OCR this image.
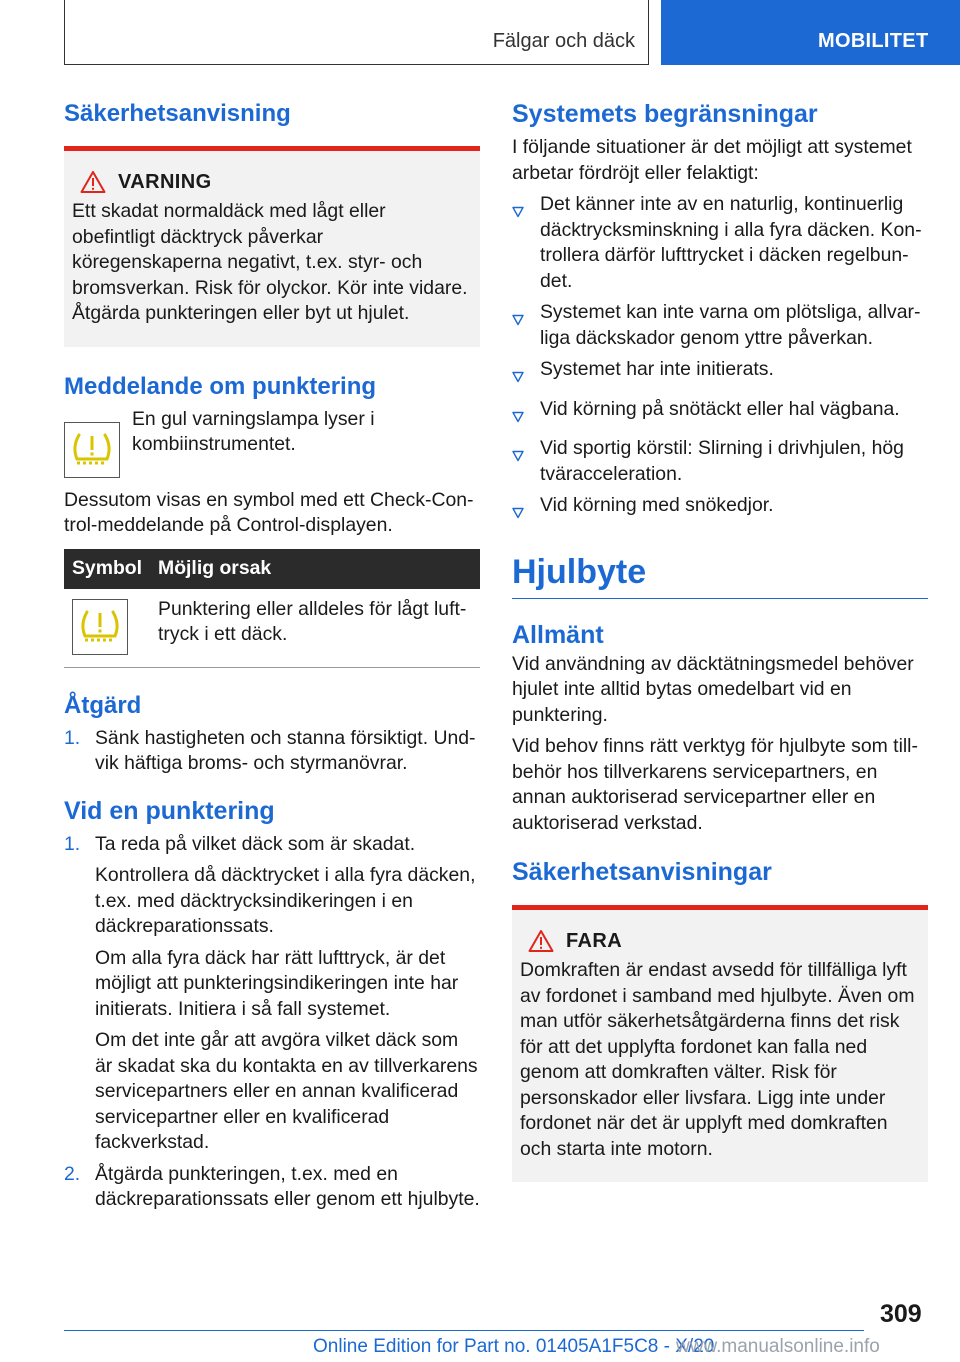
Fälgar och däck	MOBILITET
Säkerhetsanvisning
VARNING

Ett skadat normaldäck med lågt eller obefintligt däcktryck påverkar köregenskaperna negativt, t.ex. styr- och bromsverkan. Risk för olyckor. Kör inte vidare. Åtgärda punkteringen eller byt ut hjulet.

Meddelande om punktering

En gul varningslampa lyser i kombiinstrumentet.

Dessutom visas en symbol med ett Check-Control-meddelande på Control-displayen.

Symbol	Möjlig orsak

	Punktering eller alldeles för lågt lufttryck i ett däck.
Åtgärd
1. Sänk hastigheten och stanna försiktigt. Undvik häftiga broms- och styrmanövrar.

Vid en punktering
1. Ta reda på vilket däck som är skadat.

Kontrollera då däcktrycket i alla fyra däcken, t.ex. med däcktrycksindikeringen i en däckreparationssats.

Om alla fyra däck har rätt lufttryck, är det möjligt att punkteringsindikeringen inte har initierats. Initiera i så fall systemet.

Om det inte går att avgöra vilket däck som är skadat ska du kontakta en av tillverkarens servicepartners eller en annan kvalificerad servicepartner eller en kvalificerad fackverkstad.

2. Åtgärda punkteringen, t.ex. med en däckreparationssats eller genom ett hjulbyte.

Systemets begränsningar

I följande situationer är det möjligt att systemet arbetar fördröjt eller felaktigt:

Det känner inte av en naturlig, kontinuerlig däcktrycksminskning i alla fyra däcken. Kontrollera därför lufttrycket i däcken regelbundet.

Systemet kan inte varna om plötsliga, allvarliga däckskador genom yttre påverkan.

Systemet har inte initierats.

Vid körning på snötäckt eller hal vägbana.

Vid sportig körstil: Slirning i drivhjulen, hög tväracceleration.

Vid körning med snökedjor.

Hjulbyte
Allmänt

Vid användning av däcktätningsmedel behöver hjulet inte alltid bytas omedelbart vid en punktering.

Vid behov finns rätt verktyg för hjulbyte som tillbehör hos tillverkarens servicepartners, en annan auktoriserad servicepartner eller en auktoriserad verkstad.

Säkerhetsanvisningar
FARA

Domkraften är endast avsedd för tillfälliga lyft av fordonet i samband med hjulbyte. Även om man utför säkerhetsåtgärderna finns det risk för att det upplyfta fordonet kan falla ned genom att domkraften välter. Risk för personskador eller livsfara. Ligg inte under fordonet när det är upplyft med domkraften och starta inte motorn.

309
Online Edition for Part no. 01405A1F5C8 - X/20
www.manualsonline.info
